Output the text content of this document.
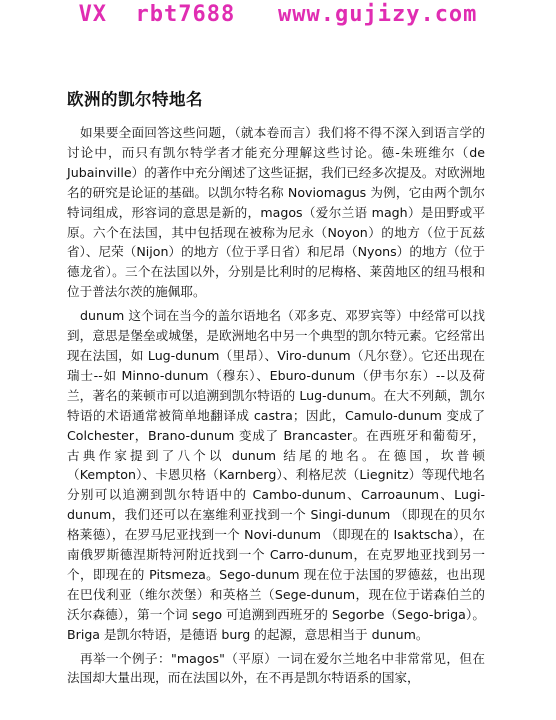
VX  rbt7688   www.gujizy.com
欧洲的凯尔特地名

如果要全面回答这些问题，（就本卷而言）我们将不得不深入到语言学的讨论中，而只有凯尔特学者才能充分理解这些讨论。德-朱班维尔（de Jubainville）的著作中充分阐述了这些证据，我们已经多次提及。对欧洲地名的研究是论证的基础。以凯尔特名称 Noviomagus 为例，它由两个凯尔特词组成，形容词的意思是新的，magos（爱尔兰语 magh）是田野或平原。六个在法国，其中包括现在被称为尼永（Noyon）的地方（位于瓦兹省）、尼荣（Nijon）的地方（位于孚日省）和尼昂（Nyons）的地方（位于德龙省）。三个在法国以外，分别是比利时的尼梅格、莱茵地区的纽马根和位于普法尔茨的施佩耶。

dunum 这个词在当今的盖尔语地名（邓多克、邓罗宾等）中经常可以找到，意思是堡垒或城堡，是欧洲地名中另一个典型的凯尔特元素。它经常出现在法国，如 Lug-dunum（里昂）、Viro-dunum（凡尔登）。它还出现在瑞士--如 Minno-dunum（穆东）、Eburo-dunum（伊韦尔东）--以及荷兰，著名的莱顿市可以追溯到凯尔特语的 Lug-dunum。在大不列颠，凯尔特语的术语通常被简单地翻译成 castra；因此，Camulo-dunum 变成了 Colchester，Brano-dunum 变成了 Brancaster。在西班牙和葡萄牙，古典作家提到了八个以 dunum 结尾的地名。在德国，坎普顿（Kempton）、卡恩贝格（Karnberg）、利格尼茨（Liegnitz）等现代地名分别可以追溯到凯尔特语中的 Cambo-dunum、Carroaunum、Lugi-dunum，我们还可以在塞维利亚找到一个 Singi-dunum （即现在的贝尔格莱德），在罗马尼亚找到一个 Novi-dunum （即现在的 Isaktscha），在南俄罗斯德涅斯特河附近找到一个 Carro-dunum，在克罗地亚找到另一个，即现在的 Pitsmeza。Sego-dunum 现在位于法国的罗德兹，也出现在巴伐利亚（维尔茨堡）和英格兰（Sege-dunum，现在位于诺森伯兰的沃尔森德），第一个词 sego 可追溯到西班牙的 Segorbe（Sego-briga）。Briga 是凯尔特语，是德语 burg 的起源，意思相当于 dunum。

再举一个例子："magos"（平原）一词在爱尔兰地名中非常常见，但在法国却大量出现，而在法国以外，在不再是凯尔特语系的国家，
